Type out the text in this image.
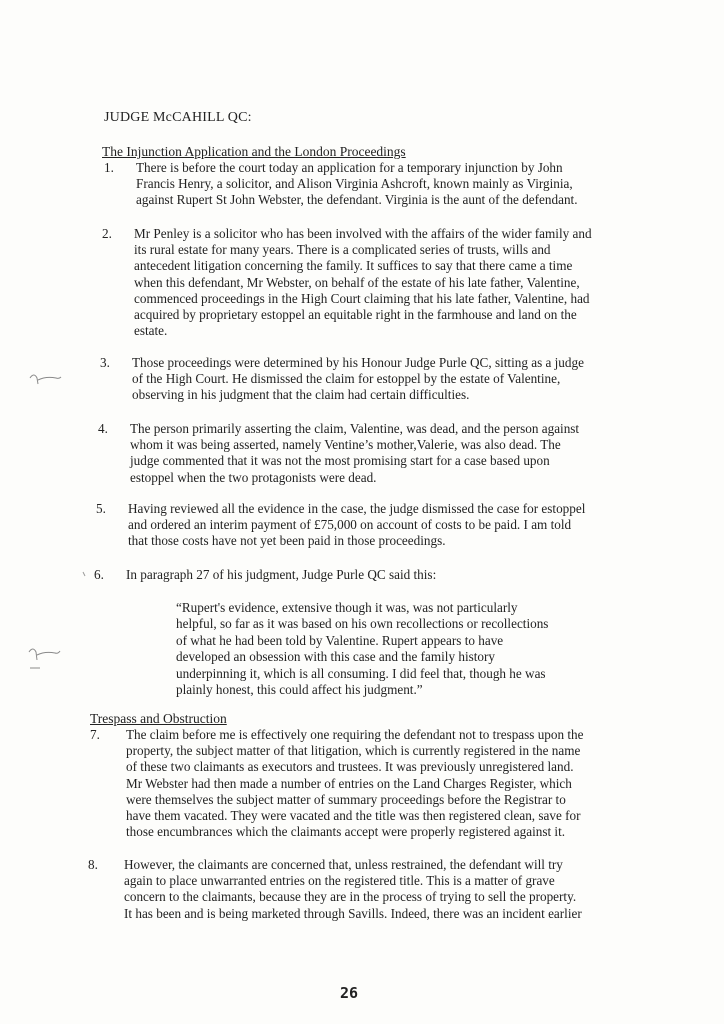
JUDGE McCAHILL QC:
The Injunction Application and the London Proceedings
1.	There is before the court today an application for a temporary injunction by John
Francis Henry, a solicitor, and Alison Virginia Ashcroft, known mainly as Virginia,
against Rupert St John Webster, the defendant. Virginia is the aunt of the defendant.
2.	Mr Penley is a solicitor who has been involved with the affairs of the wider family and
its rural estate for many years. There is a complicated series of trusts, wills and
antecedent litigation concerning the family. It suffices to say that there came a time
when this defendant, Mr Webster, on behalf of the estate of his late father, Valentine,
commenced proceedings in the High Court claiming that his late father, Valentine, had
acquired by proprietary estoppel an equitable right in the farmhouse and land on the
estate.
3.	Those proceedings were determined by his Honour Judge Purle QC, sitting as a judge
of the High Court. He dismissed the claim for estoppel by the estate of Valentine,
observing in his judgment that the claim had certain difficulties.
4.	The person primarily asserting the claim, Valentine, was dead, and the person against
whom it was being asserted, namely Ventine’s mother,Valerie, was also dead. The
judge commented that it was not the most promising start for a case based upon
estoppel when the two protagonists were dead.
5.	Having reviewed all the evidence in the case, the judge dismissed the case for estoppel
and ordered an interim payment of £75,000 on account of costs to be paid. I am told
that those costs have not yet been paid in those proceedings.
6.	In paragraph 27 of his judgment, Judge Purle QC said this:
“Rupert's evidence, extensive though it was, was not particularly
helpful, so far as it was based on his own recollections or recollections
of what he had been told by Valentine. Rupert appears to have
developed an obsession with this case and the family history
underpinning it, which is all consuming. I did feel that, though he was
plainly honest, this could affect his judgment.”
Trespass and Obstruction
7.	The claim before me is effectively one requiring the defendant not to trespass upon the
property, the subject matter of that litigation, which is currently registered in the name
of these two claimants as executors and trustees. It was previously unregistered land.
Mr Webster had then made a number of entries on the Land Charges Register, which
were themselves the subject matter of summary proceedings before the Registrar to
have them vacated. They were vacated and the title was then registered clean, save for
those encumbrances which the claimants accept were properly registered against it.
8.	However, the claimants are concerned that, unless restrained, the defendant will try
again to place unwarranted entries on the registered title. This is a matter of grave
concern to the claimants, because they are in the process of trying to sell the property.
It has been and is being marketed through Savills. Indeed, there was an incident earlier
26
